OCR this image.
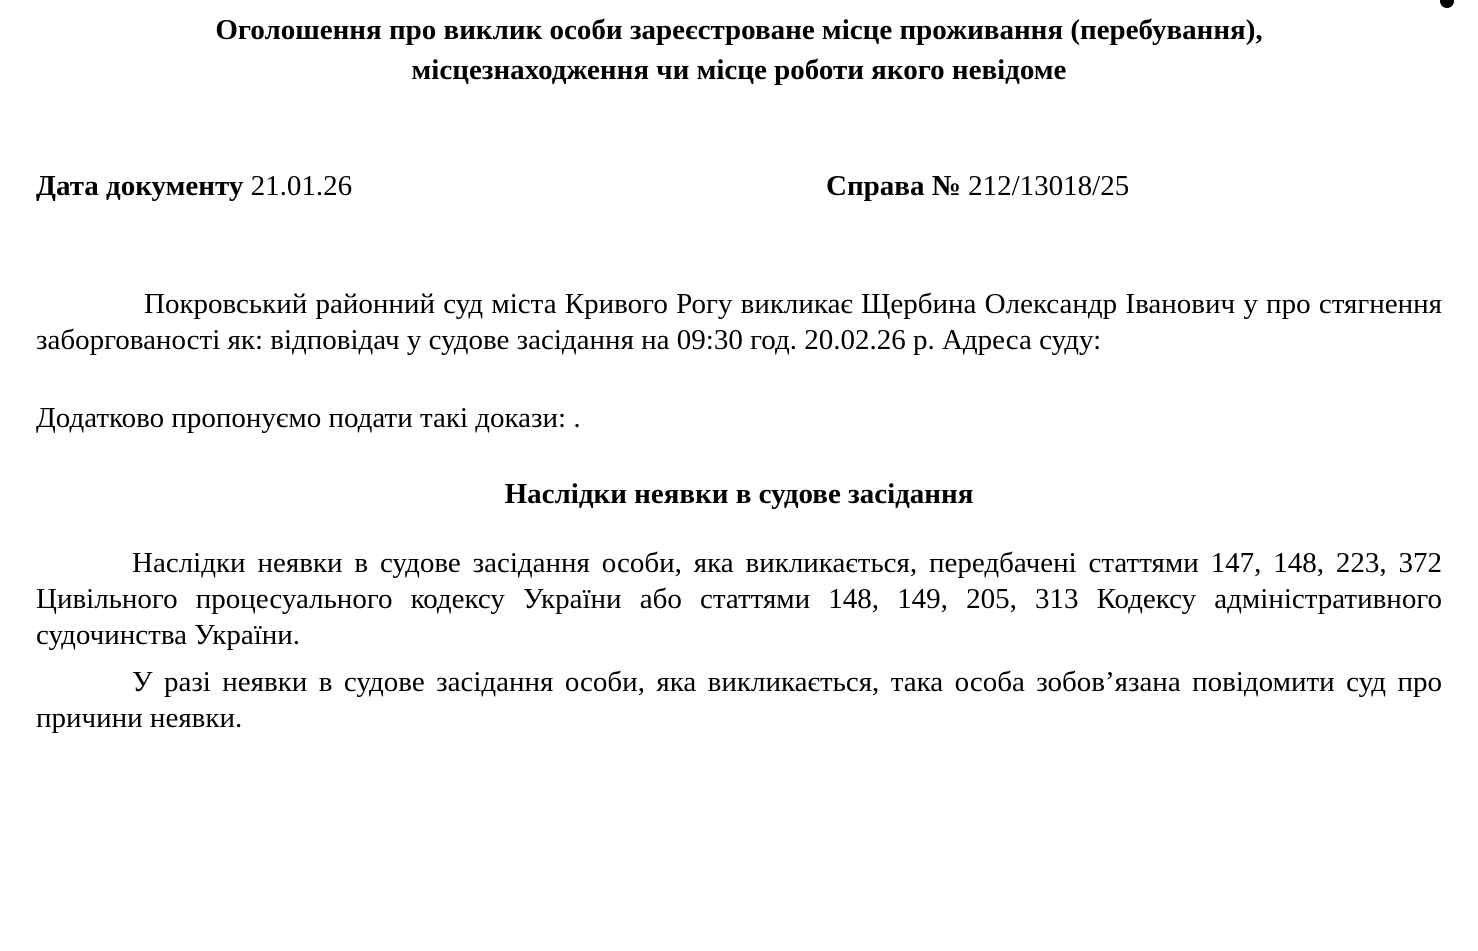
Оголошення про виклик особи зареєстроване місце проживання (перебування),
місцезнаходження чи місце роботи якого невідоме
Дата документу 21.01.26	Справа № 212/13018/25
Покровський районний суд міста Кривого Рогу викликає Щербина Олександр Іванович у про стягнення заборгованості як: відповідач у судове засідання на 09:30 год. 20.02.26 р. Адреса суду:
Додатково пропонуємо подати такі докази: .
Наслідки неявки в судове засідання
Наслідки неявки в судове засідання особи, яка викликається, передбачені статтями 147, 148, 223, 372 Цивільного процесуального кодексу України або статтями 148, 149, 205, 313 Кодексу адміністративного судочинства України.
У разі неявки в судове засідання особи, яка викликається, така особа зобов’язана повідомити суд про причини неявки.
